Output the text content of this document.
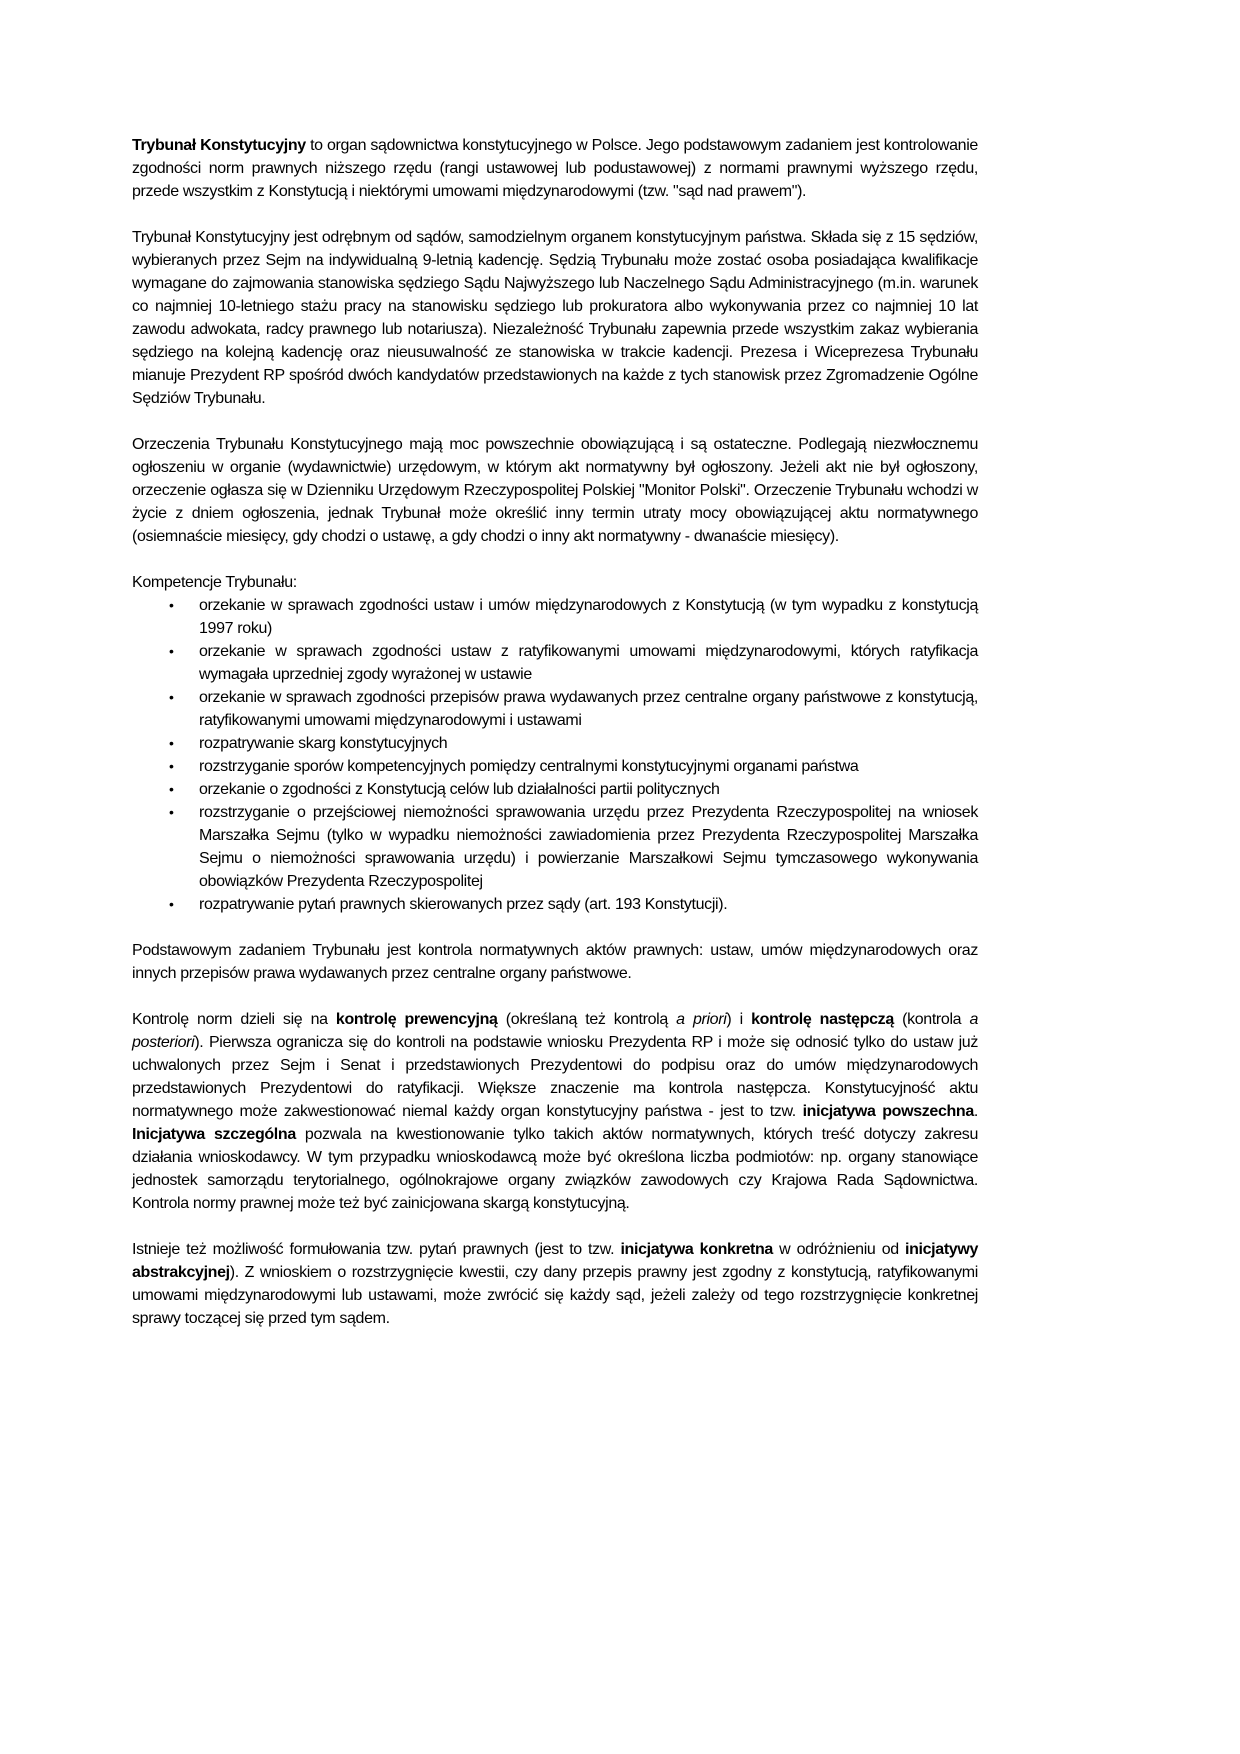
Trybunał Konstytucyjny to organ sądownictwa konstytucyjnego w Polsce. Jego podstawowym zadaniem jest kontrolowanie zgodności norm prawnych niższego rzędu (rangi ustawowej lub podustawowej) z normami prawnymi wyższego rzędu, przede wszystkim z Konstytucją i niektórymi umowami międzynarodowymi (tzw. "sąd nad prawem").

Trybunał Konstytucyjny jest odrębnym od sądów, samodzielnym organem konstytucyjnym państwa. Składa się z 15 sędziów, wybieranych przez Sejm na indywidualną 9-letnią kadencję. Sędzią Trybunału może zostać osoba posiadająca kwalifikacje wymagane do zajmowania stanowiska sędziego Sądu Najwyższego lub Naczelnego Sądu Administracyjnego (m.in. warunek co najmniej 10-letniego stażu pracy na stanowisku sędziego lub prokuratora albo wykonywania przez co najmniej 10 lat zawodu adwokata, radcy prawnego lub notariusza). Niezależność Trybunału zapewnia przede wszystkim zakaz wybierania sędziego na kolejną kadencję oraz nieusuwalność ze stanowiska w trakcie kadencji. Prezesa i Wiceprezesa Trybunału mianuje Prezydent RP spośród dwóch kandydatów przedstawionych na każde z tych stanowisk przez Zgromadzenie Ogólne Sędziów Trybunału.

Orzeczenia Trybunału Konstytucyjnego mają moc powszechnie obowiązującą i są ostateczne. Podlegają niezwłocznemu ogłoszeniu w organie (wydawnictwie) urzędowym, w którym akt normatywny był ogłoszony. Jeżeli akt nie był ogłoszony, orzeczenie ogłasza się w Dzienniku Urzędowym Rzeczypospolitej Polskiej "Monitor Polski". Orzeczenie Trybunału wchodzi w życie z dniem ogłoszenia, jednak Trybunał może określić inny termin utraty mocy obowiązującej aktu normatywnego (osiemnaście miesięcy, gdy chodzi o ustawę, a gdy chodzi o inny akt normatywny - dwanaście miesięcy).

Kompetencje Trybunału:

• orzekanie w sprawach zgodności ustaw i umów międzynarodowych z Konstytucją (w tym wypadku z konstytucją 1997 roku)
• orzekanie w sprawach zgodności ustaw z ratyfikowanymi umowami międzynarodowymi, których ratyfikacja wymagała uprzedniej zgody wyrażonej w ustawie
• orzekanie w sprawach zgodności przepisów prawa wydawanych przez centralne organy państwowe z konstytucją, ratyfikowanymi umowami międzynarodowymi i ustawami
• rozpatrywanie skarg konstytucyjnych
• rozstrzyganie sporów kompetencyjnych pomiędzy centralnymi konstytucyjnymi organami państwa
• orzekanie o zgodności z Konstytucją celów lub działalności partii politycznych
• rozstrzyganie o przejściowej niemożności sprawowania urzędu przez Prezydenta Rzeczypospolitej na wniosek Marszałka Sejmu (tylko w wypadku niemożności zawiadomienia przez Prezydenta Rzeczypospolitej Marszałka Sejmu o niemożności sprawowania urzędu) i powierzanie Marszałkowi Sejmu tymczasowego wykonywania obowiązków Prezydenta Rzeczypospolitej
• rozpatrywanie pytań prawnych skierowanych przez sądy (art. 193 Konstytucji).

Podstawowym zadaniem Trybunału jest kontrola normatywnych aktów prawnych: ustaw, umów międzynarodowych oraz innych przepisów prawa wydawanych przez centralne organy państwowe.

Kontrolę norm dzieli się na kontrolę prewencyjną (określaną też kontrolą a priori) i kontrolę następczą (kontrola a posteriori). Pierwsza ogranicza się do kontroli na podstawie wniosku Prezydenta RP i może się odnosić tylko do ustaw już uchwalonych przez Sejm i Senat i przedstawionych Prezydentowi do podpisu oraz do umów międzynarodowych przedstawionych Prezydentowi do ratyfikacji. Większe znaczenie ma kontrola następcza. Konstytucyjność aktu normatywnego może zakwestionować niemal każdy organ konstytucyjny państwa - jest to tzw. inicjatywa powszechna. Inicjatywa szczególna pozwala na kwestionowanie tylko takich aktów normatywnych, których treść dotyczy zakresu działania wnioskodawcy. W tym przypadku wnioskodawcą może być określona liczba podmiotów: np. organy stanowiące jednostek samorządu terytorialnego, ogólnokrajowe organy związków zawodowych czy Krajowa Rada Sądownictwa. Kontrola normy prawnej może też być zainicjowana skargą konstytucyjną.

Istnieje też możliwość formułowania tzw. pytań prawnych (jest to tzw. inicjatywa konkretna w odróżnieniu od inicjatywy abstrakcyjnej). Z wnioskiem o rozstrzygnięcie kwestii, czy dany przepis prawny jest zgodny z konstytucją, ratyfikowanymi umowami międzynarodowymi lub ustawami, może zwrócić się każdy sąd, jeżeli zależy od tego rozstrzygnięcie konkretnej sprawy toczącej się przed tym sądem.
